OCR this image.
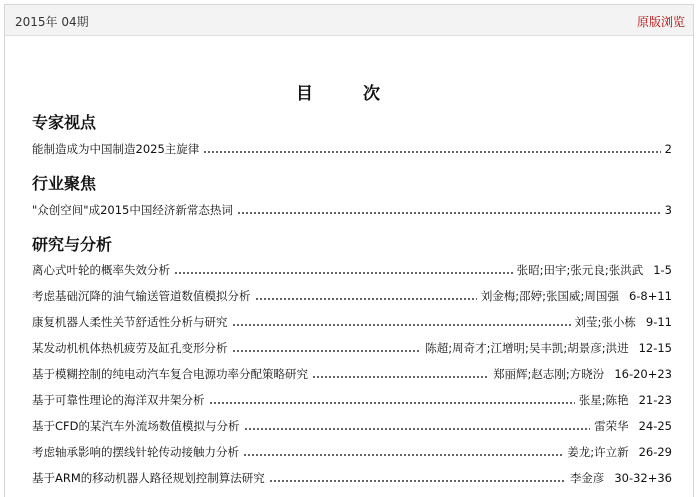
2015年 04期	原版浏览
目 次
专家视点
能制造成为中国制造2025主旋律	2
行业聚焦
"众创空间"成2015中国经济新常态热词	3
研究与分析
离心式叶轮的概率失效分析	张昭;田宇;张元良;张洪武 1-5
考虑基础沉降的油气输送管道数值模拟分析	刘金梅;邵婷;张国威;周国强 6-8+11
康复机器人柔性关节舒适性分析与研究	刘莹;张小栋 9-11
某发动机机体热机疲劳及缸孔变形分析	陈超;周奇才;江增明;吴丰凯;胡景彦;洪进 12-15
基于模糊控制的纯电动汽车复合电源功率分配策略研究	郑丽辉;赵志刚;方晓汾 16-20+23
基于可靠性理论的海洋双井架分析	张星;陈艳 21-23
基于CFD的某汽车外流场数值模拟与分析	雷荣华 24-25
考虑轴承影响的摆线针轮传动接触力分析	姜龙;许立新 26-29
基于ARM的移动机器人路径规划控制算法研究	李金彦 30-32+36
